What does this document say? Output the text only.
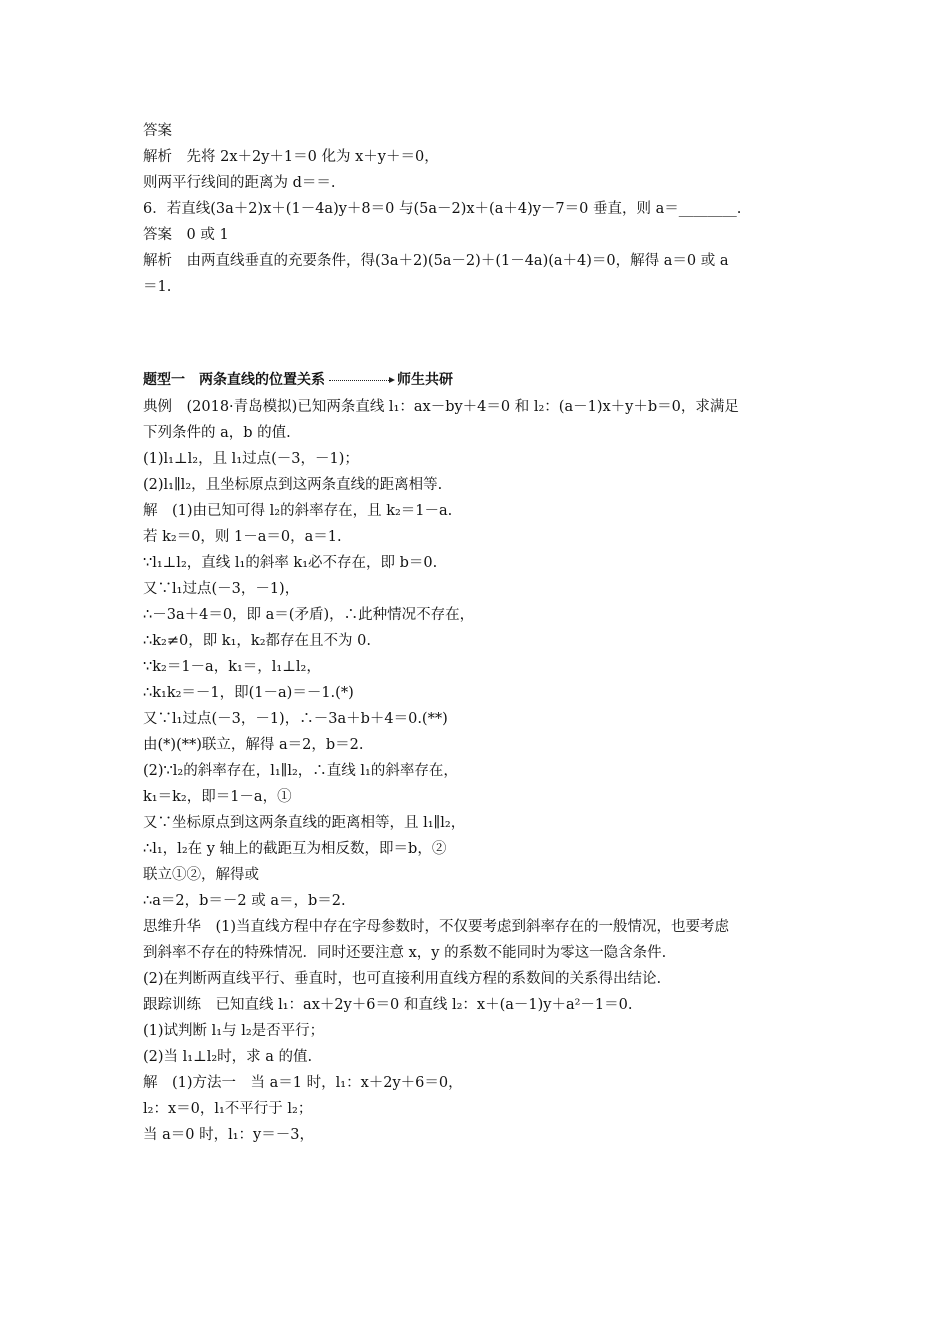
答案
解析　先将 2x＋2y＋1＝0 化为 x＋y＋＝0，
则两平行线间的距离为 d＝＝.
6．若直线(3a＋2)x＋(1－4a)y＋8＝0 与(5a－2)x＋(a＋4)y－7＝0 垂直，则 a＝________.
答案　0 或 1
解析　由两直线垂直的充要条件，得(3a＋2)(5a－2)＋(1－4a)(a＋4)＝0，解得 a＝0 或 a
＝1.
题型一　两条直线的位置关系	师生共研
典例　(2018·青岛模拟)已知两条直线 l₁：ax－by＋4＝0 和 l₂：(a－1)x＋y＋b＝0，求满足
下列条件的 a，b 的值.
(1)l₁⊥l₂，且 l₁过点(－3，－1)；
(2)l₁∥l₂，且坐标原点到这两条直线的距离相等.
解　(1)由已知可得 l₂的斜率存在，且 k₂＝1－a.
若 k₂＝0，则 1－a＝0，a＝1.
∵l₁⊥l₂，直线 l₁的斜率 k₁必不存在，即 b＝0.
又∵l₁过点(－3，－1)，
∴－3a＋4＝0，即 a＝(矛盾)，∴此种情况不存在，
∴k₂≠0，即 k₁，k₂都存在且不为 0.
∵k₂＝1－a，k₁＝，l₁⊥l₂，
∴k₁k₂＝－1，即(1－a)＝－1.(*)
又∵l₁过点(－3，－1)，∴－3a＋b＋4＝0.(**)
由(*)(**)联立，解得 a＝2，b＝2.
(2)∵l₂的斜率存在，l₁∥l₂，∴直线 l₁的斜率存在，
k₁＝k₂，即＝1－a，①
又∵坐标原点到这两条直线的距离相等，且 l₁∥l₂，
∴l₁，l₂在 y 轴上的截距互为相反数，即＝b，②
联立①②，解得或
∴a＝2，b＝－2 或 a＝，b＝2.
思维升华　(1)当直线方程中存在字母参数时，不仅要考虑到斜率存在的一般情况，也要考虑
到斜率不存在的特殊情况．同时还要注意 x，y 的系数不能同时为零这一隐含条件.
(2)在判断两直线平行、垂直时，也可直接利用直线方程的系数间的关系得出结论.
跟踪训练　已知直线 l₁：ax＋2y＋6＝0 和直线 l₂：x＋(a－1)y＋a²－1＝0.
(1)试判断 l₁与 l₂是否平行；
(2)当 l₁⊥l₂时，求 a 的值.
解　(1)方法一　当 a＝1 时，l₁：x＋2y＋6＝0，
l₂：x＝0，l₁不平行于 l₂；
当 a＝0 时，l₁：y＝－3，
